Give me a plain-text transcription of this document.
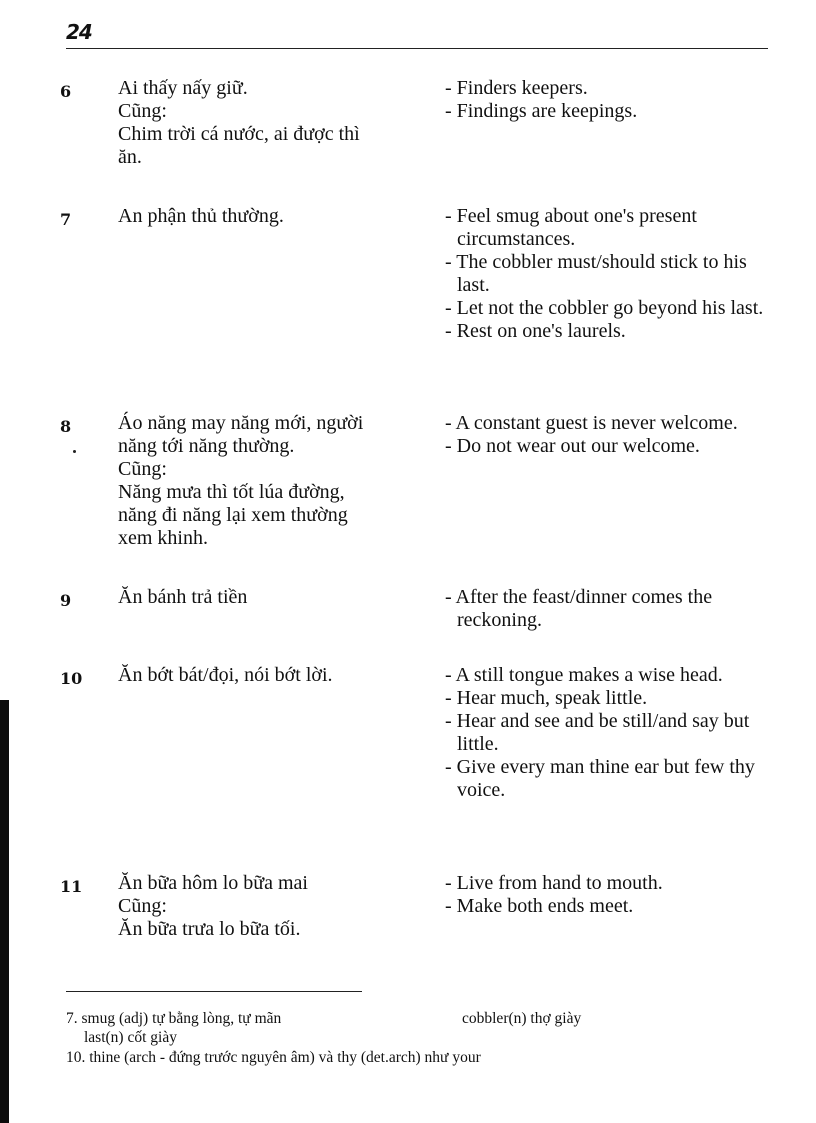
24
6 Ai thấy nấy giữ.
Cũng:
Chim trời cá nước, ai được thì
ăn.
- Finders keepers.
- Findings are keepings.
7 An phận thủ thường.	- Feel smug about one's present circumstances.
- The cobbler must/should stick to his last.
- Let not the cobbler go beyond his last.
- Rest on one's laurels.
8 Áo năng may năng mới, người
năng tới năng thường.
Cũng:
Năng mưa thì tốt lúa đường,
năng đi năng lại xem thường
xem khinh.
- A constant guest is never welcome.
- Do not wear out our welcome.
9 Ăn bánh trả tiền	- After the feast/dinner comes the reckoning.
10 Ăn bớt bát/đọi, nói bớt lời.	- A still tongue makes a wise head.
- Hear much, speak little.
- Hear and see and be still/and say but little.
- Give every man thine ear but few thy voice.
11 Ăn bữa hôm lo bữa mai
Cũng:
Ăn bữa trưa lo bữa tối.
- Live from hand to mouth.
- Make both ends meet.
7. smug (adj) tự bằng lòng, tự mãn	cobbler(n) thợ giày
last(n) cốt giày
10. thine (arch - đứng trước nguyên âm) và thy (det.arch) như your
